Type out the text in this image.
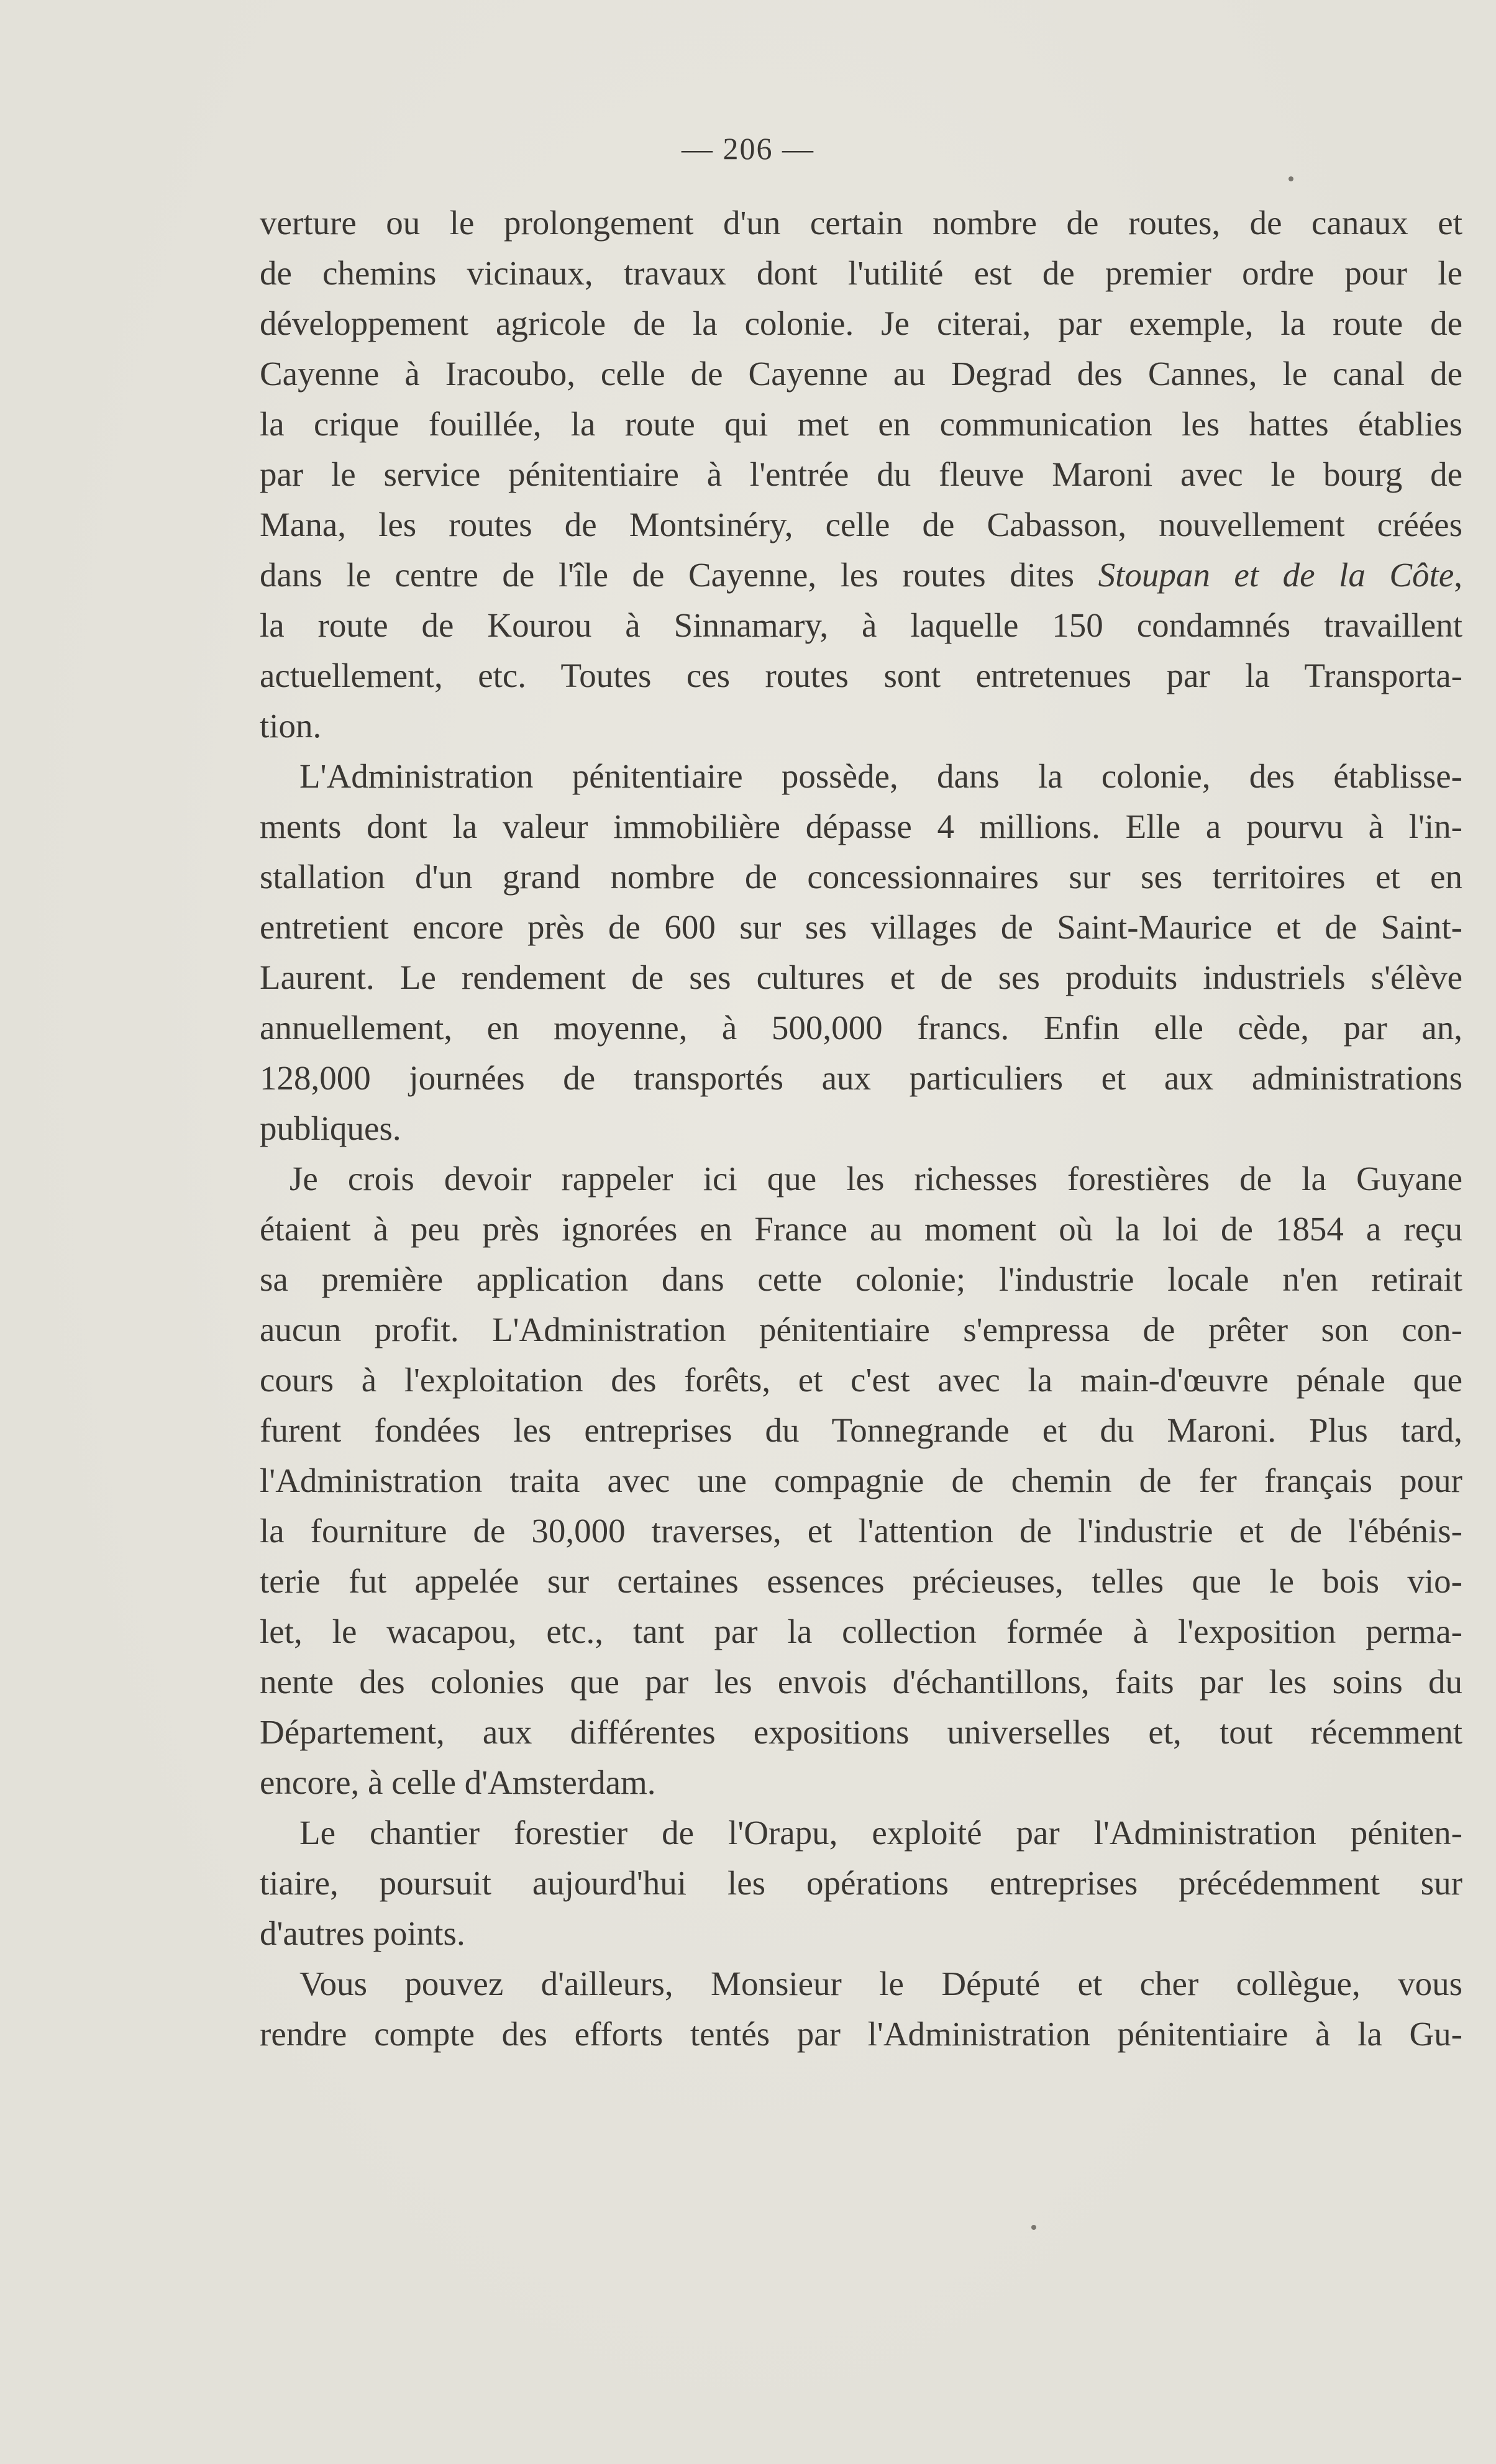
— 206 —
verture ou le prolongement d'un certain nombre de routes, de canaux et
de chemins vicinaux, travaux dont l'utilité est de premier ordre pour le
développement agricole de la colonie. Je citerai, par exemple, la route de
Cayenne à Iracoubo, celle de Cayenne au Degrad des Cannes, le canal de
la crique fouillée, la route qui met en communication les hattes établies
par le service pénitentiaire à l'entrée du fleuve Maroni avec le bourg de
Mana, les routes de Montsinéry, celle de Cabasson, nouvellement créées
dans le centre de l'île de Cayenne, les routes dites Stoupan et de la Côte,
la route de Kourou à Sinnamary, à laquelle 150 condamnés travaillent
actuellement, etc. Toutes ces routes sont entretenues par la Transporta-
tion.
L'Administration pénitentiaire possède, dans la colonie, des établisse-
ments dont la valeur immobilière dépasse 4 millions. Elle a pourvu à l'in-
stallation d'un grand nombre de concessionnaires sur ses territoires et en
entretient encore près de 600 sur ses villages de Saint-Maurice et de Saint-
Laurent. Le rendement de ses cultures et de ses produits industriels s'élève
annuellement, en moyenne, à 500,000 francs. Enfin elle cède, par an,
128,000 journées de transportés aux particuliers et aux administrations
publiques.
Je crois devoir rappeler ici que les richesses forestières de la Guyane
étaient à peu près ignorées en France au moment où la loi de 1854 a reçu
sa première application dans cette colonie; l'industrie locale n'en retirait
aucun profit. L'Administration pénitentiaire s'empressa de prêter son con-
cours à l'exploitation des forêts, et c'est avec la main-d'œuvre pénale que
furent fondées les entreprises du Tonnegrande et du Maroni. Plus tard,
l'Administration traita avec une compagnie de chemin de fer français pour
la fourniture de 30,000 traverses, et l'attention de l'industrie et de l'ébénis-
terie fut appelée sur certaines essences précieuses, telles que le bois vio-
let, le wacapou, etc., tant par la collection formée à l'exposition perma-
nente des colonies que par les envois d'échantillons, faits par les soins du
Département, aux différentes expositions universelles et, tout récemment
encore, à celle d'Amsterdam.
Le chantier forestier de l'Orapu, exploité par l'Administration péniten-
tiaire, poursuit aujourd'hui les opérations entreprises précédemment sur
d'autres points.
Vous pouvez d'ailleurs, Monsieur le Député et cher collègue, vous
rendre compte des efforts tentés par l'Administration pénitentiaire à la Gu-
